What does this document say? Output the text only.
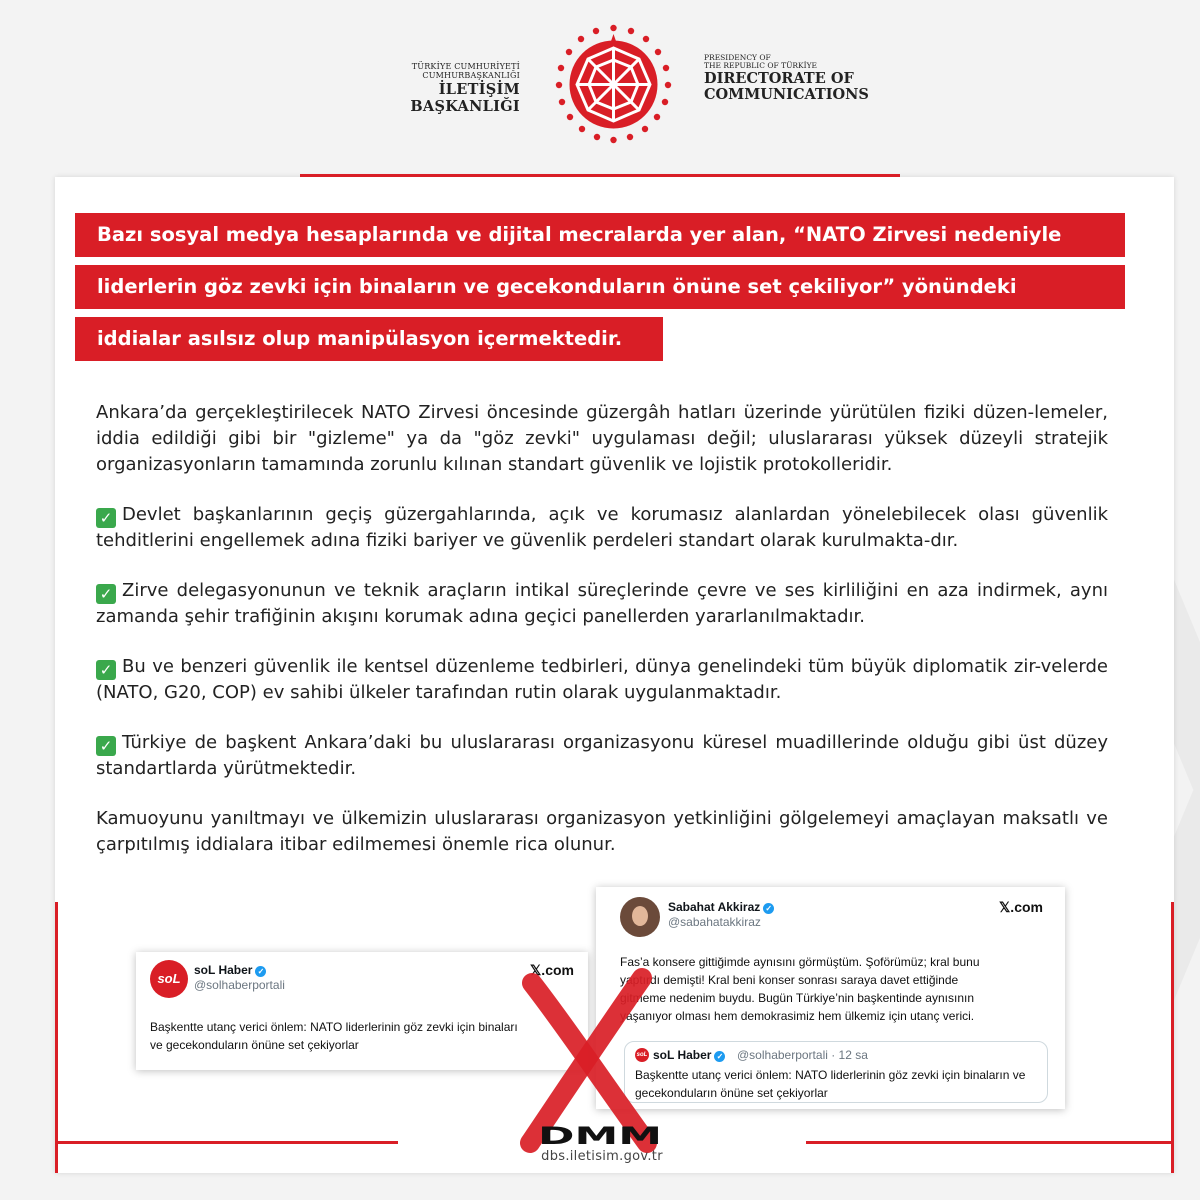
TÜRKİYE CUMHURİYETİ CUMHURBAŞKANLIĞI
İLETİŞİM BAŞKANLIĞI
PRESIDENCY OF
THE REPUBLIC OF TÜRKİYE
DIRECTORATE OF
COMMUNICATIONS
Bazı sosyal medya hesaplarında ve dijital mecralarda yer alan, “NATO Zirvesi nedeniyle
liderlerin göz zevki için binaların ve gecekonduların önüne set çekiliyor” yönündeki
iddialar asılsız olup manipülasyon içermektedir.

Ankara’da gerçekleştirilecek NATO Zirvesi öncesinde güzergâh hatları üzerinde yürütülen fiziki düzen-lemeler, iddia edildiği gibi bir "gizleme" ya da "göz zevki" uygulaması değil; uluslararası yüksek düzeyli stratejik organizasyonların tamamında zorunlu kılınan standart güvenlik ve lojistik protokolleridir.

✓ Devlet başkanlarının geçiş güzergahlarında, açık ve korumasız alanlardan yönelebilecek olası güvenlik tehditlerini engellemek adına fiziki bariyer ve güvenlik perdeleri standart olarak kurulmakta-dır.

✓ Zirve delegasyonunun ve teknik araçların intikal süreçlerinde çevre ve ses kirliliğini en aza indirmek, aynı zamanda şehir trafiğinin akışını korumak adına geçici panellerden yararlanılmaktadır.

✓ Bu ve benzeri güvenlik ile kentsel düzenleme tedbirleri, dünya genelindeki tüm büyük diplomatik zir-velerde (NATO, G20, COP) ev sahibi ülkeler tarafından rutin olarak uygulanmaktadır.

✓ Türkiye de başkent Ankara’daki bu uluslararası organizasyonu küresel muadillerinde olduğu gibi üst düzey standartlarda yürütmektedir.

Kamuoyunu yanıltmayı ve ülkemizin uluslararası organizasyon yetkinliğini gölgelemeyi amaçlayan maksatlı ve çarpıtılmış iddialara itibar edilmemesi önemle rica olunur.

soL
soL Haber ✓
@solhaberportali
𝕏.com
Başkentte utanç verici önlem: NATO liderlerinin göz zevki için binaları
ve gecekonduların önüne set çekiyorlar
Sabahat Akkiraz ✓
@sabahatakkiraz
𝕏.com
Fas’a konsere gittiğimde aynısını görmüştüm. Şoförümüz; kral bunu
yaptırdı demişti! Kral beni konser sonrası saraya davet ettiğinde
gitmeme nedenim buydu. Bugün Türkiye’nin başkentinde aynısının
yaşanıyor olması hem demokrasimiz hem ülkemiz için utanç verici.
soL soL Haber ✓ @solhaberportali · 12 sa
Başkentte utanç verici önlem: NATO liderlerinin göz zevki için binaların ve
gecekonduların önüne set çekiyorlar
DMM
dbs.iletisim.gov.tr
